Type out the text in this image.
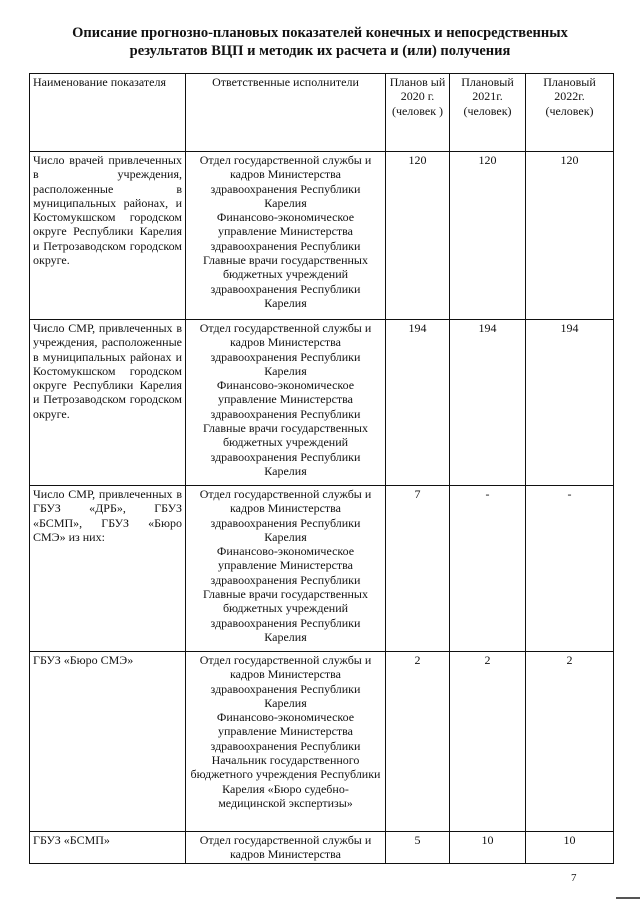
Описание прогнозно-плановых показателей конечных и непосредственных
результатов ВЦП и методик их расчета и (или) получения
Наименование показателя	Ответственные исполнители	Планов ый 2020 г. (человек )	Плановый 2021г. (человек)	Плановый 2022г. (человек)
Число врачей привлеченных в учреждения, расположенные в муниципальных районах, и Костомукшском городском округе Республики Карелия и Петрозаводском городском округе.	Отдел государственной службы и кадров Министерства здравоохранения Республики Карелия
Финансово-экономическое управление Министерства здравоохранения Республики
Главные врачи государственных бюджетных учреждений здравоохранения Республики Карелия	120	120	120
Число СМР, привлеченных в учреждения, расположенные в муниципальных районах и Костомукшском городском округе Республики Карелия и Петрозаводском городском округе.	Отдел государственной службы и кадров Министерства здравоохранения Республики Карелия
Финансово-экономическое управление Министерства здравоохранения Республики
Главные врачи государственных бюджетных учреждений здравоохранения Республики Карелия	194	194	194
Число СМР, привлеченных в ГБУЗ «ДРБ», ГБУЗ «БСМП», ГБУЗ «Бюро СМЭ» из них:	Отдел государственной службы и кадров Министерства здравоохранения Республики Карелия
Финансово-экономическое управление Министерства здравоохранения Республики
Главные врачи государственных бюджетных учреждений здравоохранения Республики Карелия	7	-	-
ГБУЗ «Бюро СМЭ»	Отдел государственной службы и кадров Министерства здравоохранения Республики Карелия
Финансово-экономическое управление Министерства здравоохранения Республики
Начальник государственного бюджетного учреждения Республики Карелия «Бюро судебно-медицинской экспертизы»	2	2	2
ГБУЗ «БСМП»	Отдел государственной службы и кадров Министерства	5	10	10
7
